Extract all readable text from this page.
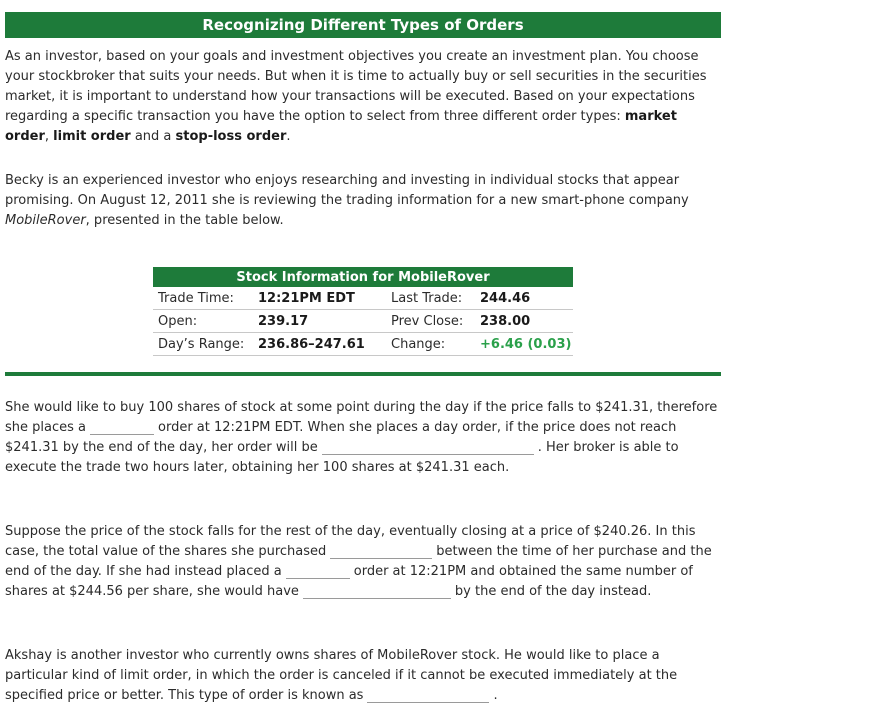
Recognizing Different Types of Orders

As an investor, based on your goals and investment objectives you create an investment plan. You choose your stockbroker that suits your needs. But when it is time to actually buy or sell securities in the securities market, it is important to understand how your transactions will be executed. Based on your expectations regarding a specific transaction you have the option to select from three different order types: market order, limit order and a stop-loss order.

Becky is an experienced investor who enjoys researching and investing in individual stocks that appear promising. On August 12, 2011 she is reviewing the trading information for a new smart-phone company MobileRover, presented in the table below.

Stock Information for MobileRover			
Trade Time:	12:21PM EDT	Last Trade:	244.46
Open:	239.17	Prev Close:	238.00
Day’s Range:	236.86–247.61	Change:	+6.46 (0.03)

She would like to buy 100 shares of stock at some point during the day if the price falls to $241.31, therefore she places a	order at 12:21PM EDT. When she places a day order, if the price does not reach $241.31 by the end of the day, her order will be	. Her broker is able to execute the trade two hours later, obtaining her 100 shares at $241.31 each.

Suppose the price of the stock falls for the rest of the day, eventually closing at a price of $240.26. In this case, the total value of the shares she purchased	between the time of her purchase and the end of the day. If she had instead placed a	order at 12:21PM and obtained the same number of shares at $244.56 per share, she would have	by the end of the day instead.

Akshay is another investor who currently owns shares of MobileRover stock. He would like to place a particular kind of limit order, in which the order is canceled if it cannot be executed immediately at the specified price or better. This type of order is known as	.
